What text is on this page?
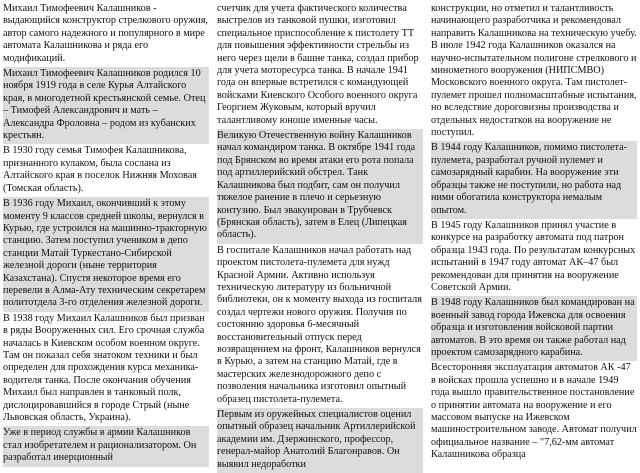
Михаил Тимофеевич Калашников - выдающийся конструктор стрелкового оружия, автор самого надежного и популярного в мире автомата Калашникова и ряда его модификаций.

Михаил Тимофеевич Калашников родился 10 ноября 1919 года в селе Курья Алтайского края, в многодетной крестьянской семье. Отец – Тимофей Александрович и мать – Александра Фроловна – родом из кубанских крестьян.

В 1930 году семья Тимофея Калашникова, признанного кулаком, была сослана из Алтайского края в поселок Нижняя Моховая (Томская область).

В 1936 году Михаил, окончивший к этому моменту 9 классов средней школы, вернулся в Курью, где устроился на машинно-тракторную станцию. Затем поступил учеником в депо станции Матай Туркестано-Сибирской железной дороги (ныне территория Казахстана). Спустя некоторое время его перевели в Алма-Ату техническим секретарем политотдела 3-го отделения железной дороги.

В 1938 году Михаил Калашников был призван в ряды Вооруженных сил. Его срочная служба началась в Киевском особом военном округе. Там он показал себя знатоком техники и был определен для прохождения курса механика-водителя танка. После окончания обучения Михаил был направлен в танковый полк, дислоцировавшийся в городе Стрый (ныне Львовская область, Украина).

Уже в период службы в армии Калашников стал изобретателем и рационализатором. Он разработал инерционный

счетчик для учета фактического количества выстрелов из танковой пушки, изготовил специальное приспособление к пистолету ТТ для повышения эффективности стрельбы из него через щели в башне танка, создал прибор для учета моторесурса танка. В начале 1941 года он впервые встретился с командующей войсками Киевского Особого военного округа Георгием Жуковым, который вручил талантливому юноше именные часы.

Великую Отечественную войну Калашников начал командиром танка. В октябре 1941 года под Брянском во время атаки его рота попала под артиллерийский обстрел. Танк Калашникова был подбит, сам он получил тяжелое ранение в плечо и серьезную контузию. Был эвакуирован в Трубчевск (Брянская область), затем в Елец (Липецкая область).

В госпитале Калашников начал работать над проектом пистолета-пулемета для нужд Красной Армии. Активно используя техническую литературу из больничной библиотеки, он к моменту выхода из госпиталя создал чертежи нового оружия. Получив по состоянию здоровья 6-месячный восстановительный отпуск перед возвращением на фронт, Калашников вернулся в Курью, а затем на станцию Матай, где в мастерских железнодорожного депо с позволения начальника изготовил опытный образец пистолета-пулемета.

Первым из оружейных специалистов оценил опытный образец начальник Артиллерийской академии им. Дзержинского, профессор, генерал-майор Анатолий Благонравов. Он выявил недоработки

конструкции, но отметил и талантливость начинающего разработчика и рекомендовал направить Калашникова на техническую учебу. В июле 1942 года Калашников оказался на научно-испытательном полигоне стрелкового и минометного вооружения (НИПСМВО) Московского военного округа. Там пистолет-пулемет прошел полномасштабные испытания, но вследствие дороговизны производства и отдельных недостатков на вооружение не поступил.

В 1944 году Калашников, помимо пистолета-пулемета, разработал ручной пулемет и самозарядный карабин. На вооружение эти образцы также не поступили, но работа над ними обогатила конструктора немалым опытом.

В 1945 году Калашников принял участие в конкурсе на разработку автомата под патрон образца 1943 года. По результатам конкурсных испытаний в 1947 году автомат АК–47 был рекомендован для принятия на вооружение Советской Армии.

В 1948 году Калашников был командирован на военный завод города Ижевска для освоения образца и изготовления войсковой партии автоматов. В это время он также работал над проектом самозарядного карабина.

Всесторонняя эксплуатация автоматов АК -47 в войсках прошла успешно и в начале 1949 года вышло правительственное постановление о принятии автомата на вооружение и его массовом выпуске на Ижевском машиностроительном заводе. Автомат получил официальное название – "7,62-мм автомат Калашникова образца
